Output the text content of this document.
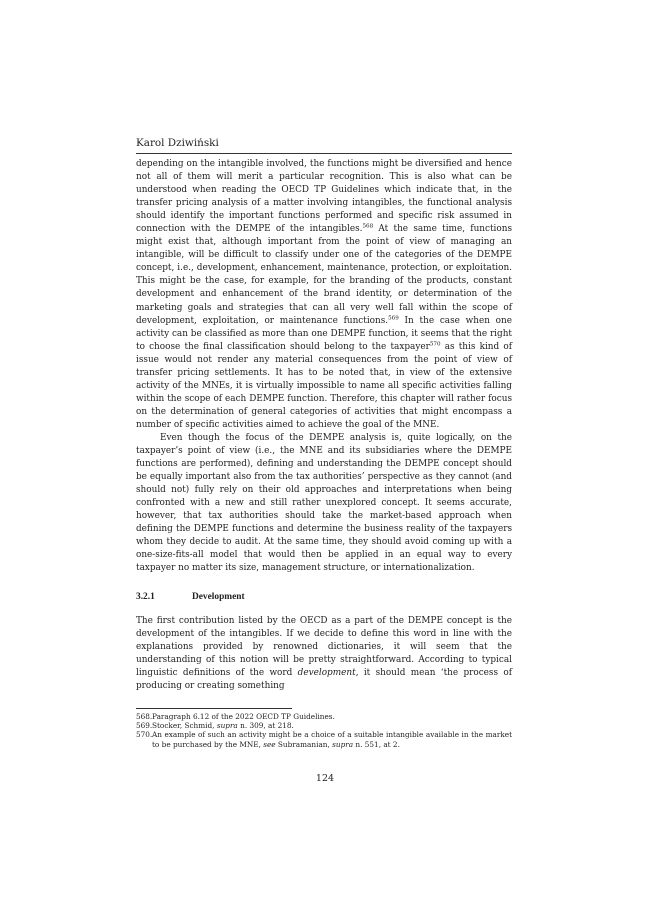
Karol Dziwiński

depending on the intangible involved, the functions might be diversified and hence not all of them will merit a particular recognition. This is also what can be understood when reading the OECD TP Guidelines which indicate that, in the transfer pricing analysis of a matter involving intangibles, the functional analysis should identify the important functions performed and specific risk assumed in connection with the DEMPE of the intangibles.$^{568}$ At the same time, functions might exist that, although important from the point of view of managing an intangible, will be difficult to classify under one of the categories of the DEMPE concept, i.e., development, enhancement, maintenance, protection, or exploitation. This might be the case, for example, for the branding of the products, constant development and enhancement of the brand identity, or determination of the marketing goals and strategies that can all very well fall within the scope of development, exploitation, or maintenance functions.$^{569}$ In the case when one activity can be classified as more than one DEMPE function, it seems that the right to choose the final classification should belong to the taxpayer$^{570}$ as this kind of issue would not render any material consequences from the point of view of transfer pricing settlements. It has to be noted that, in view of the extensive activity of the MNEs, it is virtually impossible to name all specific activities falling within the scope of each DEMPE function. Therefore, this chapter will rather focus on the determination of general categories of activities that might encompass a number of specific activities aimed to achieve the goal of the MNE.

Even though the focus of the DEMPE analysis is, quite logically, on the taxpayer’s point of view (i.e., the MNE and its subsidiaries where the DEMPE functions are performed), defining and understanding the DEMPE concept should be equally important also from the tax authorities’ perspective as they cannot (and should not) fully rely on their old approaches and interpretations when being confronted with a new and still rather unexplored concept. It seems accurate, however, that tax authorities should take the market-based approach when defining the DEMPE functions and determine the business reality of the taxpayers whom they decide to audit. At the same time, they should avoid coming up with a one-size-fits-all model that would then be applied in an equal way to every taxpayer no matter its size, management structure, or internationalization.

3.2.1	Development

The first contribution listed by the OECD as a part of the DEMPE concept is the development of the intangibles. If we decide to define this word in line with the explanations provided by renowned dictionaries, it will seem that the understanding of this notion will be pretty straightforward. According to typical linguistic definitions of the word development, it should mean ‘the process of producing or creating something

568. Paragraph 6.12 of the 2022 OECD TP Guidelines.

569. Stocker, Schmid, supra n. 309, at 218.

570. An example of such an activity might be a choice of a suitable intangible available in the market to be purchased by the MNE, see Subramanian, supra n. 551, at 2.

124
